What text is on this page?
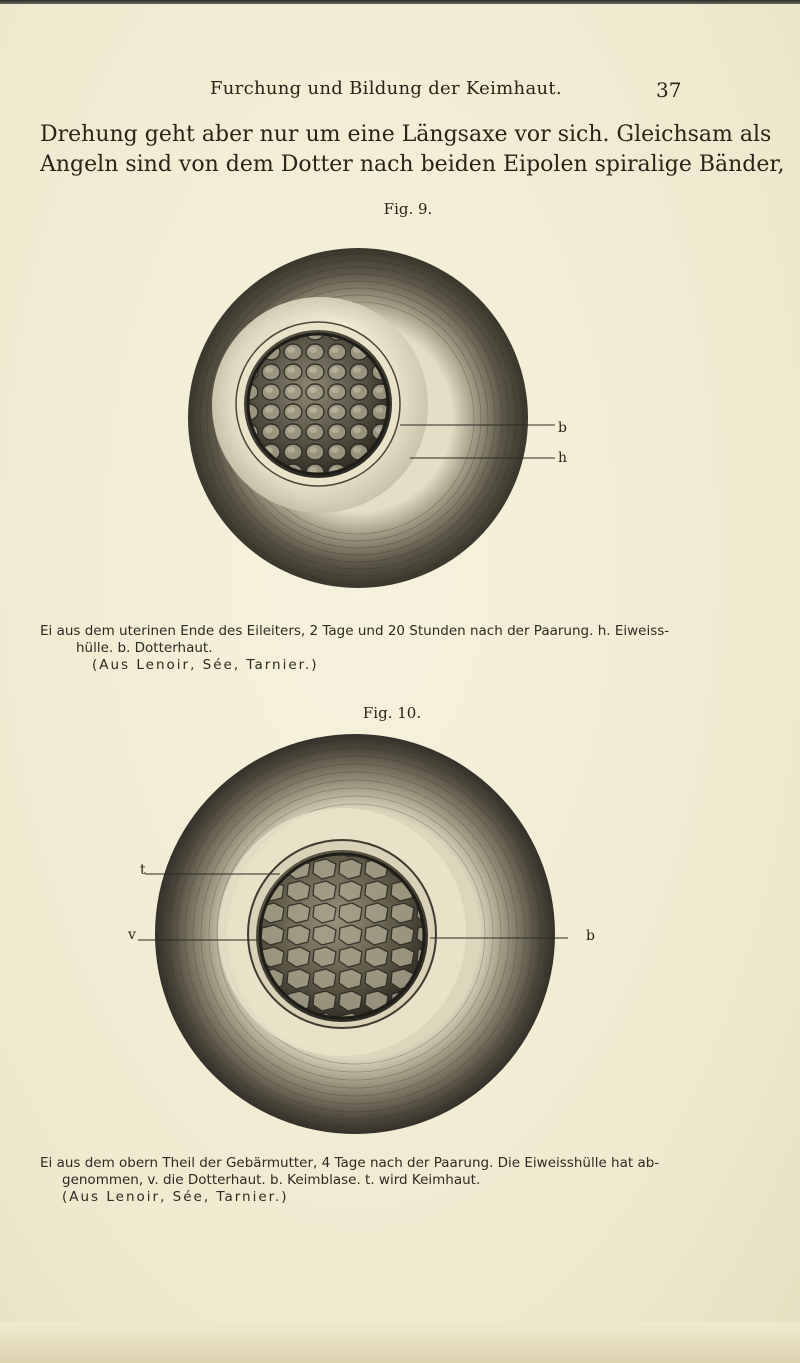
Furchung und Bildung der Keimhaut.	37
Drehung geht aber nur um eine Längsaxe vor sich. Gleichsam als
Angeln sind von dem Dotter nach beiden Eipolen spiralige Bänder,
Fig. 9.
b
h
Ei aus dem uterinen Ende des Eileiters, 2 Tage und 20 Stunden nach der Paarung. h. Eiweiss-
hülle. b. Dotterhaut.
(Aus Lenoir, Sée, Tarnier.)
Fig. 10.
t
v	b
Ei aus dem obern Theil der Gebärmutter, 4 Tage nach der Paarung. Die Eiweisshülle hat ab-
genommen, v. die Dotterhaut. b. Keimblase. t. wird Keimhaut.
(Aus Lenoir, Sée, Tarnier.)
